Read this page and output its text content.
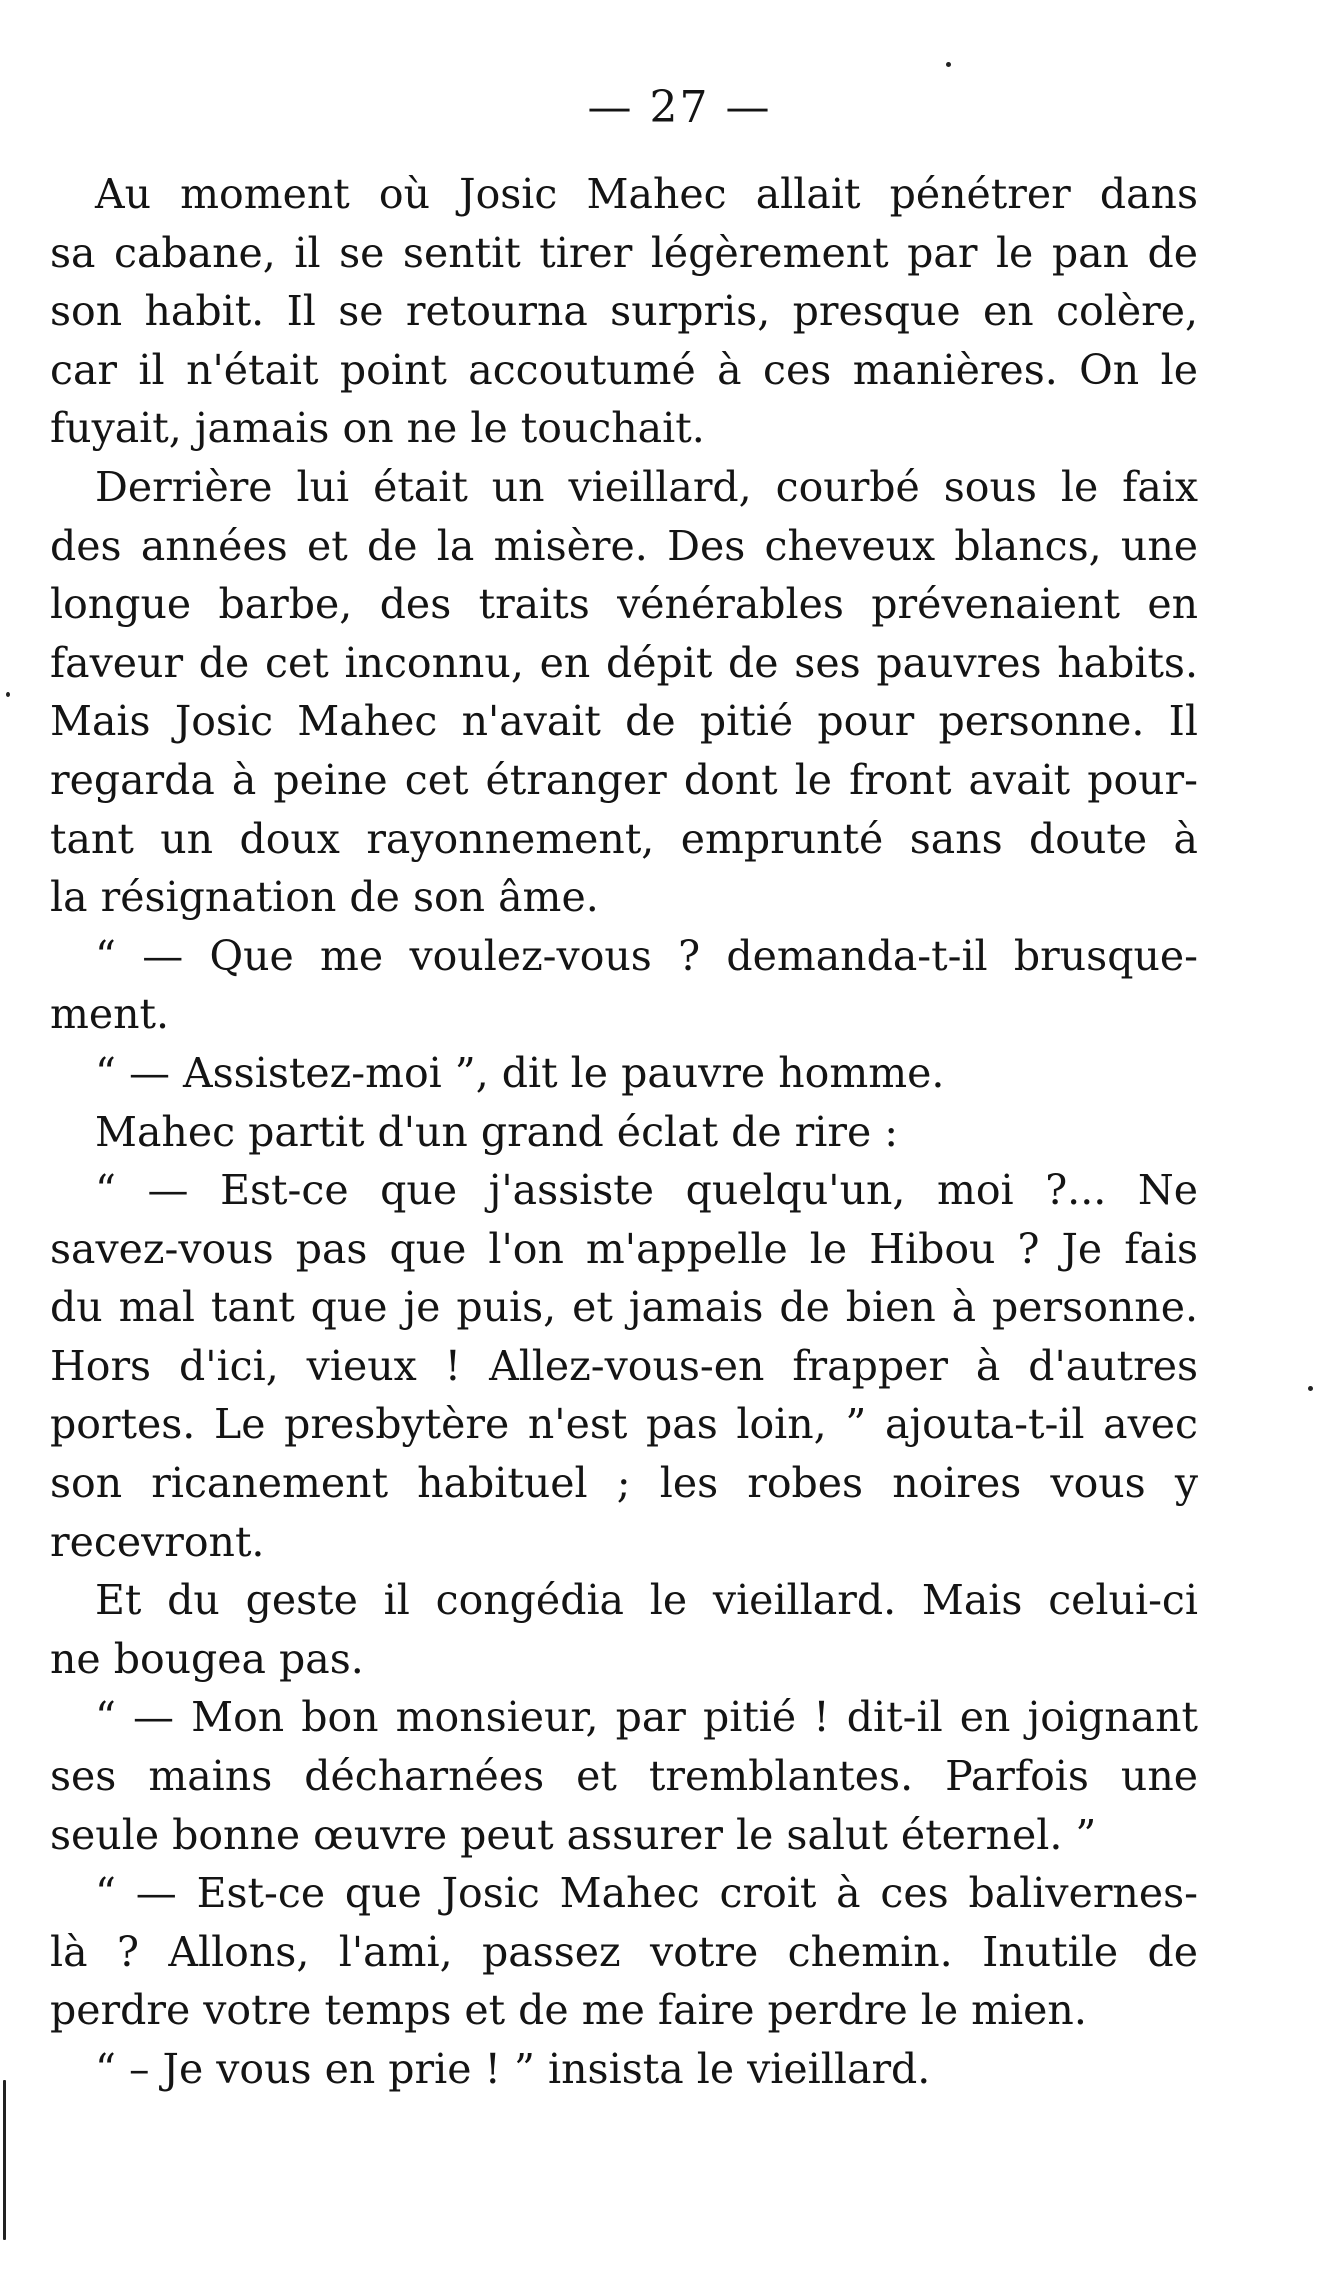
— 27 —
Au moment où Josic Mahec allait pénétrer dans
sa cabane, il se sentit tirer légèrement par le pan de
son habit. Il se retourna surpris, presque en colère,
car il n'était point accoutumé à ces manières. On le
fuyait, jamais on ne le touchait.
Derrière lui était un vieillard, courbé sous le faix
des années et de la misère. Des cheveux blancs, une
longue barbe, des traits vénérables prévenaient en
faveur de cet inconnu, en dépit de ses pauvres habits.
Mais Josic Mahec n'avait de pitié pour personne. Il
regarda à peine cet étranger dont le front avait pour-
tant un doux rayonnement, emprunté sans doute à
la résignation de son âme.
“ — Que me voulez-vous ? demanda-t-il brusque-
ment.
“ — Assistez-moi ”, dit le pauvre homme.
Mahec partit d'un grand éclat de rire :
“ — Est-ce que j'assiste quelqu'un, moi ?... Ne
savez-vous pas que l'on m'appelle le Hibou ? Je fais
du mal tant que je puis, et jamais de bien à personne.
Hors d'ici, vieux ! Allez-vous-en frapper à d'autres
portes. Le presbytère n'est pas loin, ” ajouta-t-il avec
son ricanement habituel ; les robes noires vous y
recevront.
Et du geste il congédia le vieillard. Mais celui-ci
ne bougea pas.
“ — Mon bon monsieur, par pitié ! dit-il en joignant
ses mains décharnées et tremblantes. Parfois une
seule bonne œuvre peut assurer le salut éternel. ”
“ — Est-ce que Josic Mahec croit à ces balivernes-
là ? Allons, l'ami, passez votre chemin. Inutile de
perdre votre temps et de me faire perdre le mien.
“ – Je vous en prie ! ” insista le vieillard.
